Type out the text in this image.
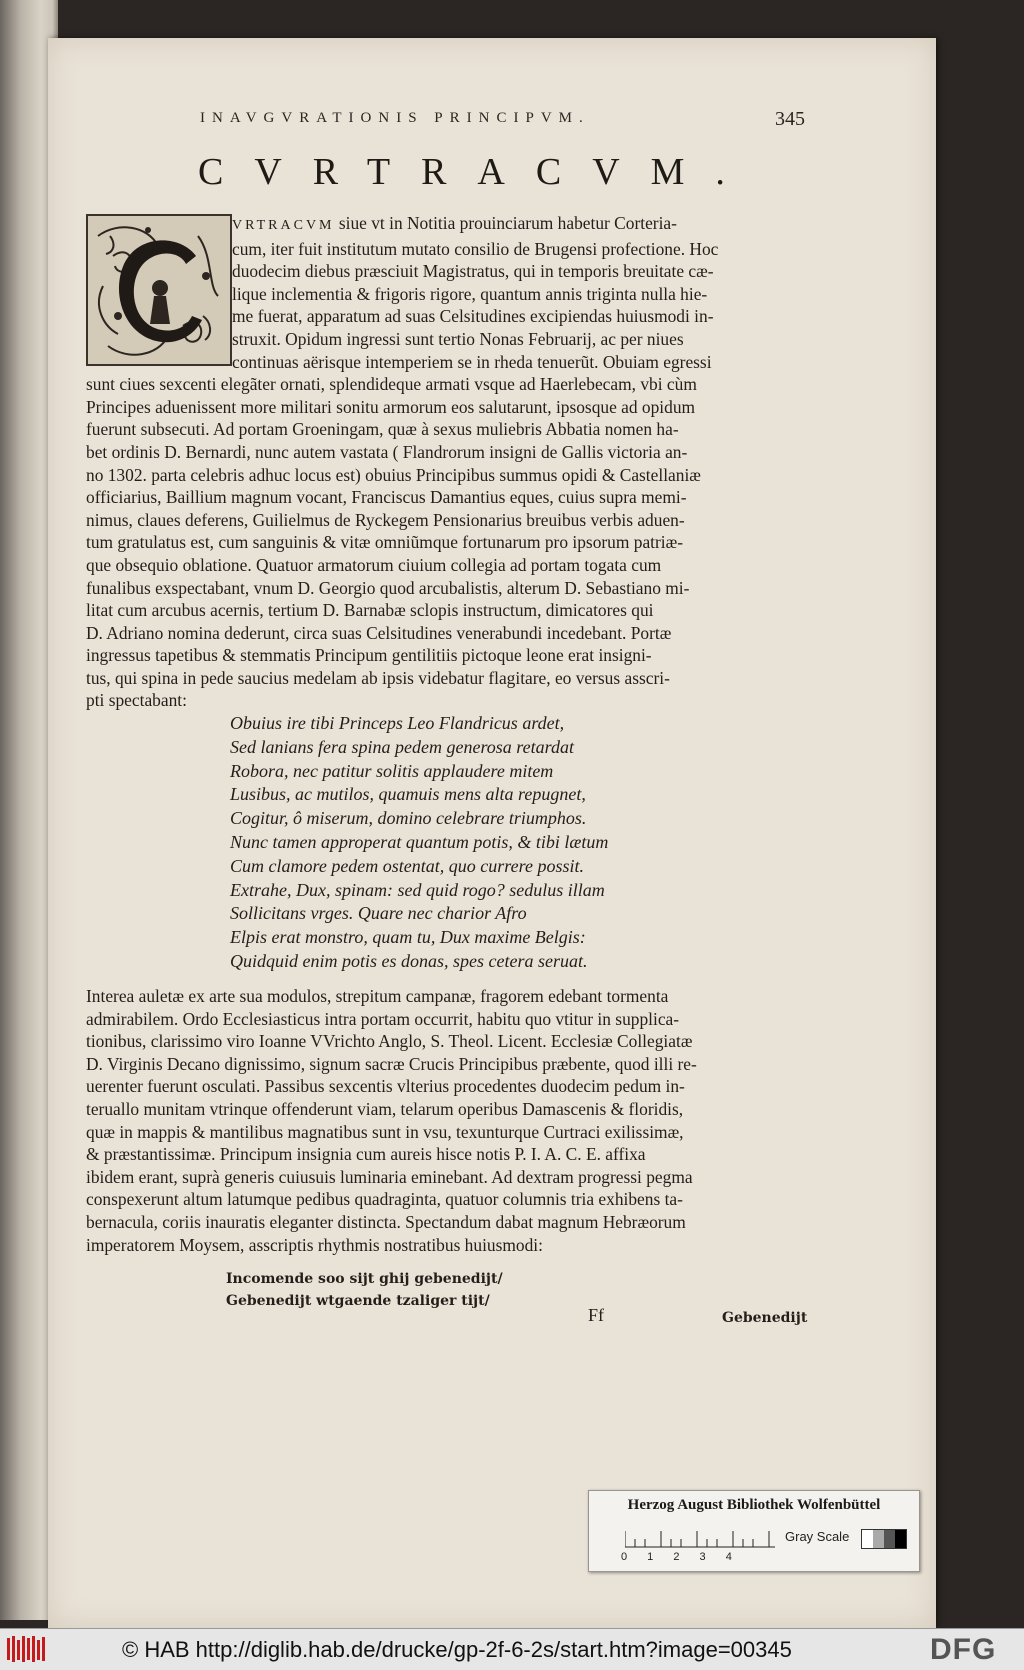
INAVGVRATIONIS PRINCIPVM.	345
CVRTRACVM.

VRTRACVM siue vt in Notitia prouinciarum habetur Corteria-
cum, iter fuit institutum mutato consilio de Brugensi profectione. Hoc
duodecim diebus præsciuit Magistratus, qui in temporis breuitate cæ-
lique inclementia & frigoris rigore, quantum annis triginta nulla hie-
me fuerat, apparatum ad suas Celsitudines excipiendas huiusmodi in-
struxit. Opidum ingressi sunt tertio Nonas Februarij, ac per niues
continuas aërisque intemperiem se in rheda tenuerũt. Obuiam egressi
sunt ciues sexcenti elegãter ornati, splendideque armati vsque ad Haerlebecam, vbi cùm
Principes aduenissent more militari sonitu armorum eos salutarunt, ipsosque ad opidum
fuerunt subsecuti. Ad portam Groeningam, quæ à sexus muliebris Abbatia nomen ha-
bet ordinis D. Bernardi, nunc autem vastata ( Flandrorum insigni de Gallis victoria an-
no 1302. parta celebris adhuc locus est) obuius Principibus summus opidi & Castellaniæ
officiarius, Baillium magnum vocant, Franciscus Damantius eques, cuius supra memi-
nimus, claues deferens, Guilielmus de Ryckegem Pensionarius breuibus verbis aduen-
tum gratulatus est, cum sanguinis & vitæ omniũmque fortunarum pro ipsorum patriæ-
que obsequio oblatione. Quatuor armatorum ciuium collegia ad portam togata cum
funalibus exspectabant, vnum D. Georgio quod arcubalistis, alterum D. Sebastiano mi-
litat cum arcubus acernis, tertium D. Barnabæ sclopis instructum, dimicatores qui
D. Adriano nomina dederunt, circa suas Celsitudines venerabundi incedebant. Portæ
ingressus tapetibus & stemmatis Principum gentilitiis pictoque leone erat insigni-
tus, qui spina in pede saucius medelam ab ipsis videbatur flagitare, eo versus asscri-
pti spectabant:

Obuius ire tibi Princeps Leo Flandricus ardet,
Sed lanians fera spina pedem generosa retardat
Robora, nec patitur solitis applaudere mitem
Lusibus, ac mutilos, quamuis mens alta repugnet,
Cogitur, ô miserum, domino celebrare triumphos.
Nunc tamen approperat quantum potis, & tibi lætum
Cum clamore pedem ostentat, quo currere possit.
Extrahe, Dux, spinam: sed quid rogo? sedulus illam
Sollicitans vrges. Quare nec charior Afro
Elpis erat monstro, quam tu, Dux maxime Belgis:
Quidquid enim potis es donas, spes cetera seruat.

Interea auletæ ex arte sua modulos, strepitum campanæ, fragorem edebant tormenta
admirabilem. Ordo Ecclesiasticus intra portam occurrit, habitu quo vtitur in supplica-
tionibus, clarissimo viro Ioanne VVrichto Anglo, S. Theol. Licent. Ecclesiæ Collegiatæ
D. Virginis Decano dignissimo, signum sacræ Crucis Principibus præbente, quod illi re-
uerenter fuerunt osculati. Passibus sexcentis vlterius procedentes duodecim pedum in-
teruallo munitam vtrinque offenderunt viam, telarum operibus Damascenis & floridis,
quæ in mappis & mantilibus magnatibus sunt in vsu, texunturque Curtraci exilissimæ,
& præstantissimæ. Principum insignia cum aureis hisce notis P. I. A. C. E. affixa
ibidem erant, suprà generis cuiusuis luminaria eminebant. Ad dextram progressi pegma
conspexerunt altum latumque pedibus quadraginta, quatuor columnis tria exhibens ta-
bernacula, coriis inauratis eleganter distincta. Spectandum dabat magnum Hebræorum
imperatorem Moysem, asscriptis rhythmis nostratibus huiusmodi:

Incomende soo sijt ghij gebenedijt/
Gebenedijt wtgaende tzaliger tijt/
Ff	Gebenedijt
Herzog August Bibliothek Wolfenbüttel
Gray Scale
0 1 2 3 4
© HAB http://diglib.hab.de/drucke/gp-2f-6-2s/start.htm?image=00345	DFG
